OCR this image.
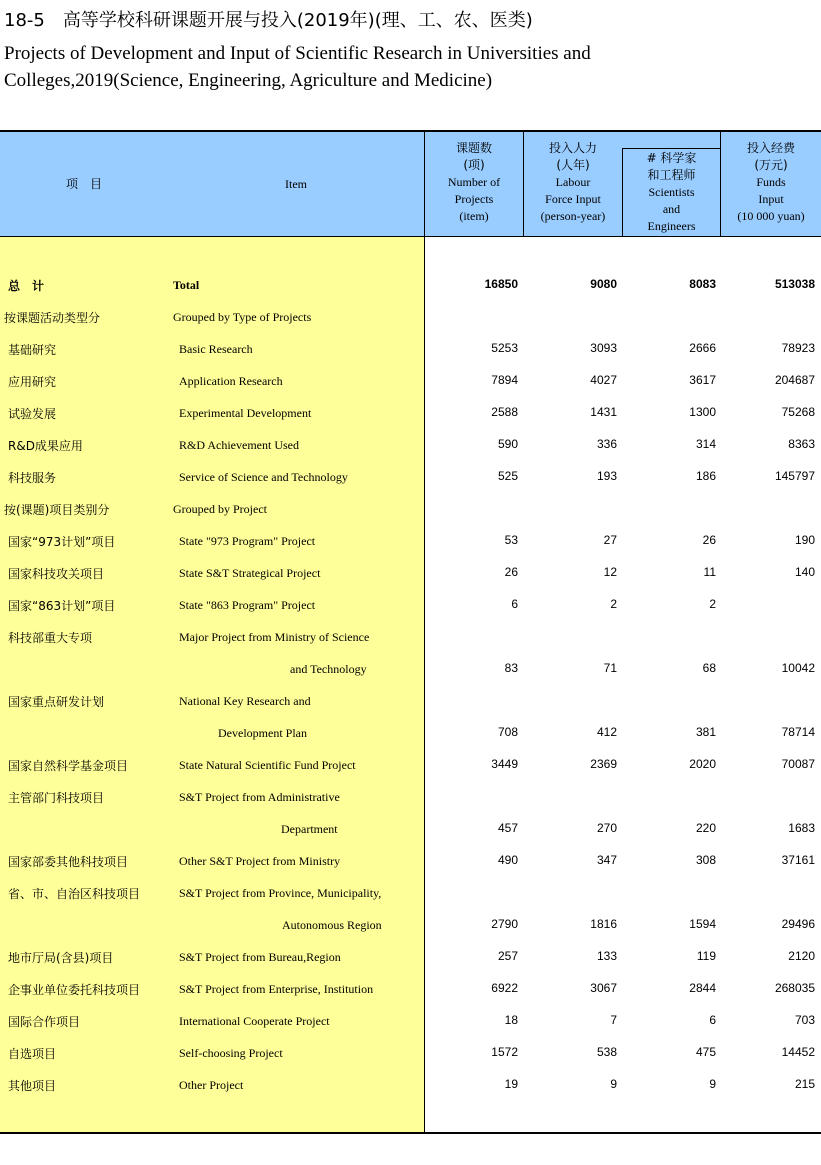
18-5　高等学校科研课题开展与投入(2019年)(理、工、农、医类)
Projects of Development and Input of Scientific Research in Universities and
Colleges,2019(Science, Engineering, Agriculture and Medicine)
项　目	Item
课题数
(项)
Number of
Projects
(item)
投入人力
(人年)
Labour
Force Input
(person-year)
# 科学家
和工程师
Scientists
and
Engineers
投入经费
(万元)
Funds
Input
(10 000 yuan)
总　计	Total	16850	9080	8083	513038
按课题活动类型分	Grouped by Type of Projects
基础研究	Basic Research	5253	3093	2666	78923
应用研究	Application Research	7894	4027	3617	204687
试验发展	Experimental Development	2588	1431	1300	75268
R&D成果应用	R&D Achievement Used	590	336	314	8363
科技服务	Service of Science and Technology	525	193	186	145797
按(课题)项目类别分	Grouped by Project
国家“973计划”项目	State "973 Program" Project	53	27	26	190
国家科技攻关项目	State S&T Strategical Project	26	12	11	140
国家“863计划”项目	State "863 Program" Project	6	2	2
科技部重大专项	Major Project from Ministry of Science
and Technology	83	71	68	10042
国家重点研发计划	National Key Research and
Development Plan	708	412	381	78714
国家自然科学基金项目	State Natural Scientific Fund Project	3449	2369	2020	70087
主管部门科技项目	S&T Project from Administrative
Department	457	270	220	1683
国家部委其他科技项目	Other S&T Project from Ministry	490	347	308	37161
省、市、自治区科技项目	S&T Project from Province, Municipality,
Autonomous Region	2790	1816	1594	29496
地市厅局(含县)项目	S&T Project from Bureau,Region	257	133	119	2120
企事业单位委托科技项目	S&T Project from Enterprise, Institution	6922	3067	2844	268035
国际合作项目	International Cooperate Project	18	7	6	703
自选项目	Self-choosing Project	1572	538	475	14452
其他项目	Other Project	19	9	9	215
